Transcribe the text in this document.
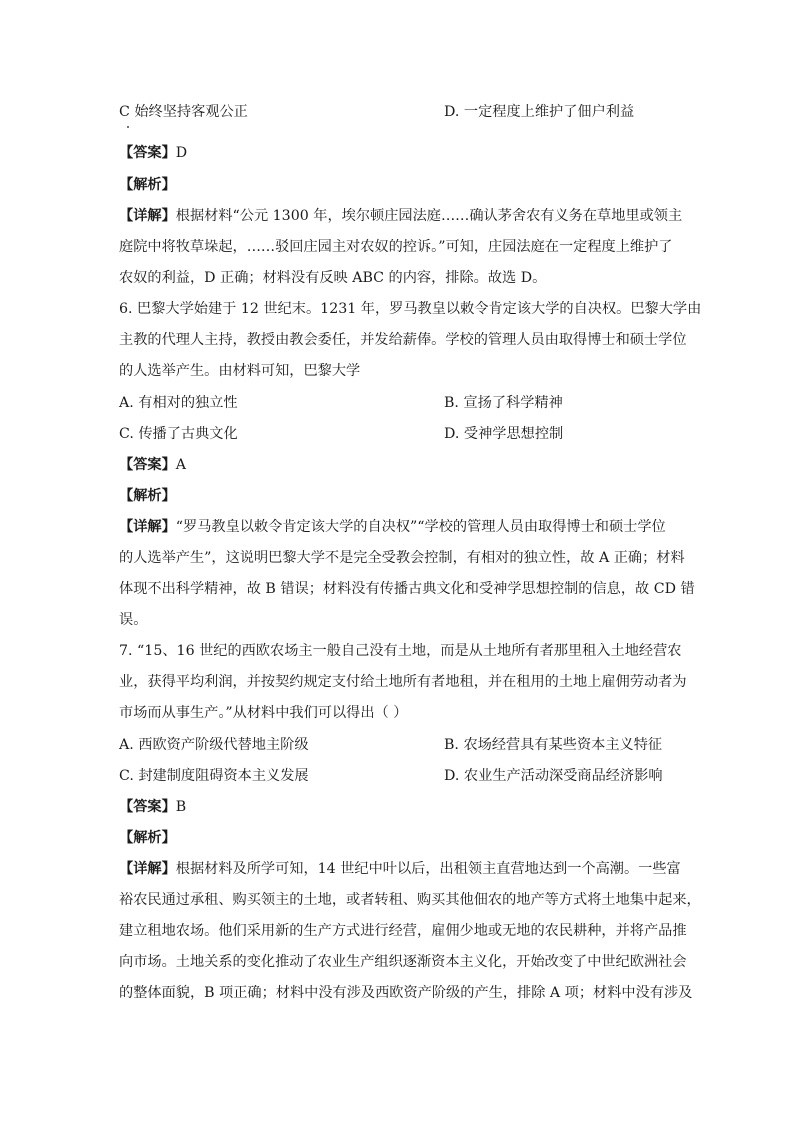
C 始终坚持客观公正	D. 一定程度上维护了佃户利益
【答案】D
【解析】
【详解】根据材料“公元 1300 年，埃尔顿庄园法庭……确认茅舍农有义务在草地里或领主
庭院中将牧草垛起，……驳回庄园主对农奴的控诉。”可知，庄园法庭在一定程度上维护了
农奴的利益，D 正确；材料没有反映 ABC 的内容，排除。故选 D。
6. 巴黎大学始建于 12 世纪末。1231 年，罗马教皇以敕令肯定该大学的自决权。巴黎大学由
主教的代理人主持，教授由教会委任，并发给薪俸。学校的管理人员由取得博士和硕士学位
的人选举产生。由材料可知，巴黎大学
A. 有相对的独立性	B. 宣扬了科学精神
C. 传播了古典文化	D. 受神学思想控制
【答案】A
【解析】
【详解】“罗马教皇以敕令肯定该大学的自决权”“学校的管理人员由取得博士和硕士学位
的人选举产生”，这说明巴黎大学不是完全受教会控制，有相对的独立性，故 A 正确；材料
体现不出科学精神，故 B 错误；材料没有传播古典文化和受神学思想控制的信息，故 CD 错
误。
7. “15、16 世纪的西欧农场主一般自己没有土地，而是从土地所有者那里租入土地经营农
业，获得平均利润，并按契约规定支付给土地所有者地租，并在租用的土地上雇佣劳动者为
市场而从事生产。”从材料中我们可以得出（ ）
A. 西欧资产阶级代替地主阶级	B. 农场经营具有某些资本主义特征
C. 封建制度阻碍资本主义发展	D. 农业生产活动深受商品经济影响
【答案】B
【解析】
【详解】根据材料及所学可知，14 世纪中叶以后，出租领主直营地达到一个高潮。一些富
裕农民通过承租、购买领主的土地，或者转租、购买其他佃农的地产等方式将土地集中起来，
建立租地农场。他们采用新的生产方式进行经营，雇佣少地或无地的农民耕种，并将产品推
向市场。土地关系的变化推动了农业生产组织逐渐资本主义化，开始改变了中世纪欧洲社会
的整体面貌，B 项正确；材料中没有涉及西欧资产阶级的产生，排除 A 项；材料中没有涉及
